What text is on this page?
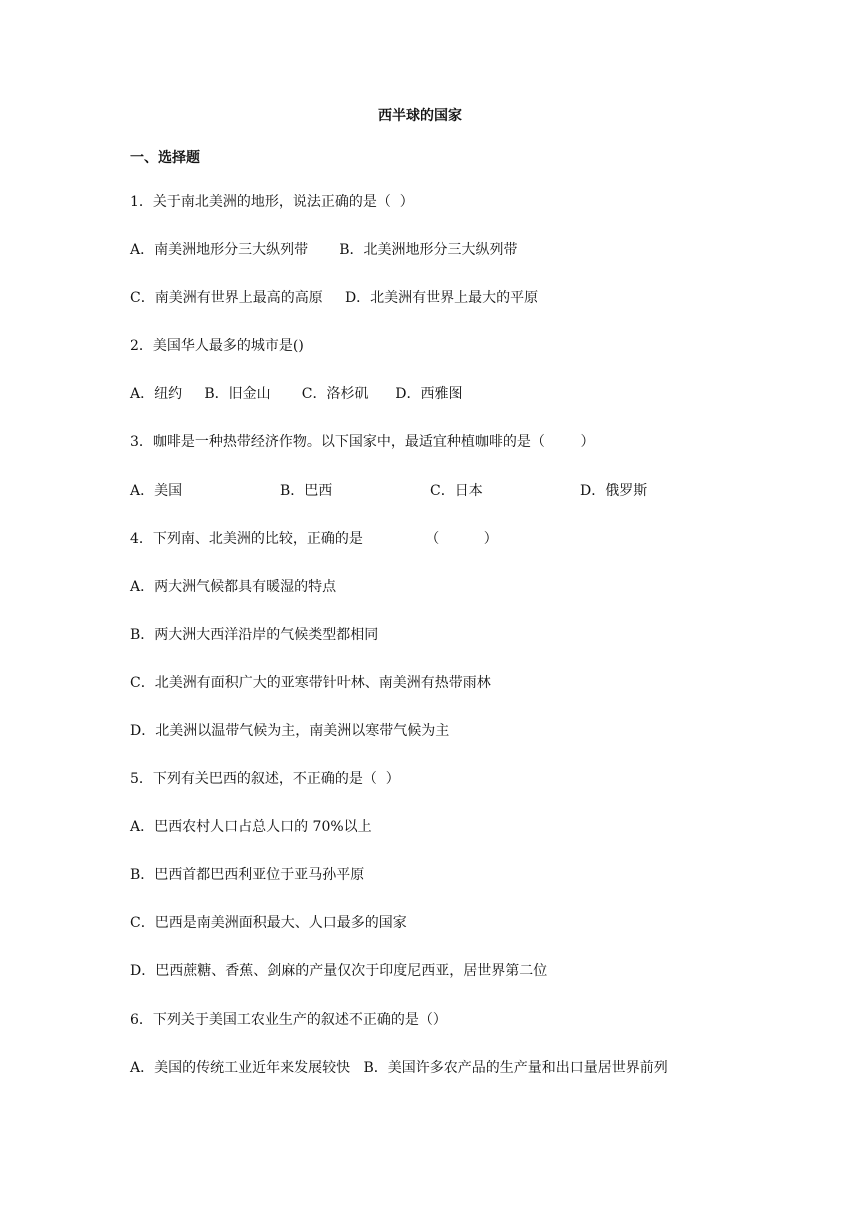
西半球的国家
一、选择题
1．关于南北美洲的地形，说法正确的是（  ）
A．南美洲地形分三大纵列带       B．北美洲地形分三大纵列带
C．南美洲有世界上最高的高原     D．北美洲有世界上最大的平原
2．美国华人最多的城市是()
A．纽约     B．旧金山       C．洛杉矶      D．西雅图
3．咖啡是一种热带经济作物。以下国家中，最适宜种植咖啡的是（        ）
A．美国	B．巴西	C．日本	D．俄罗斯
4．下列南、北美洲的比较，正确的是              （          ）
A．两大洲气候都具有暖湿的特点
B．两大洲大西洋沿岸的气候类型都相同
C．北美洲有面积广大的亚寒带针叶林、南美洲有热带雨林
D．北美洲以温带气候为主，南美洲以寒带气候为主
5．下列有关巴西的叙述，不正确的是（  ）
A．巴西农村人口占总人口的 70%以上
B．巴西首都巴西利亚位于亚马孙平原
C．巴西是南美洲面积最大、人口最多的国家
D．巴西蔗糖、香蕉、剑麻的产量仅次于印度尼西亚，居世界第二位
6．下列关于美国工农业生产的叙述不正确的是（）
A．美国的传统工业近年来发展较快   B．美国许多农产品的生产量和出口量居世界前列
